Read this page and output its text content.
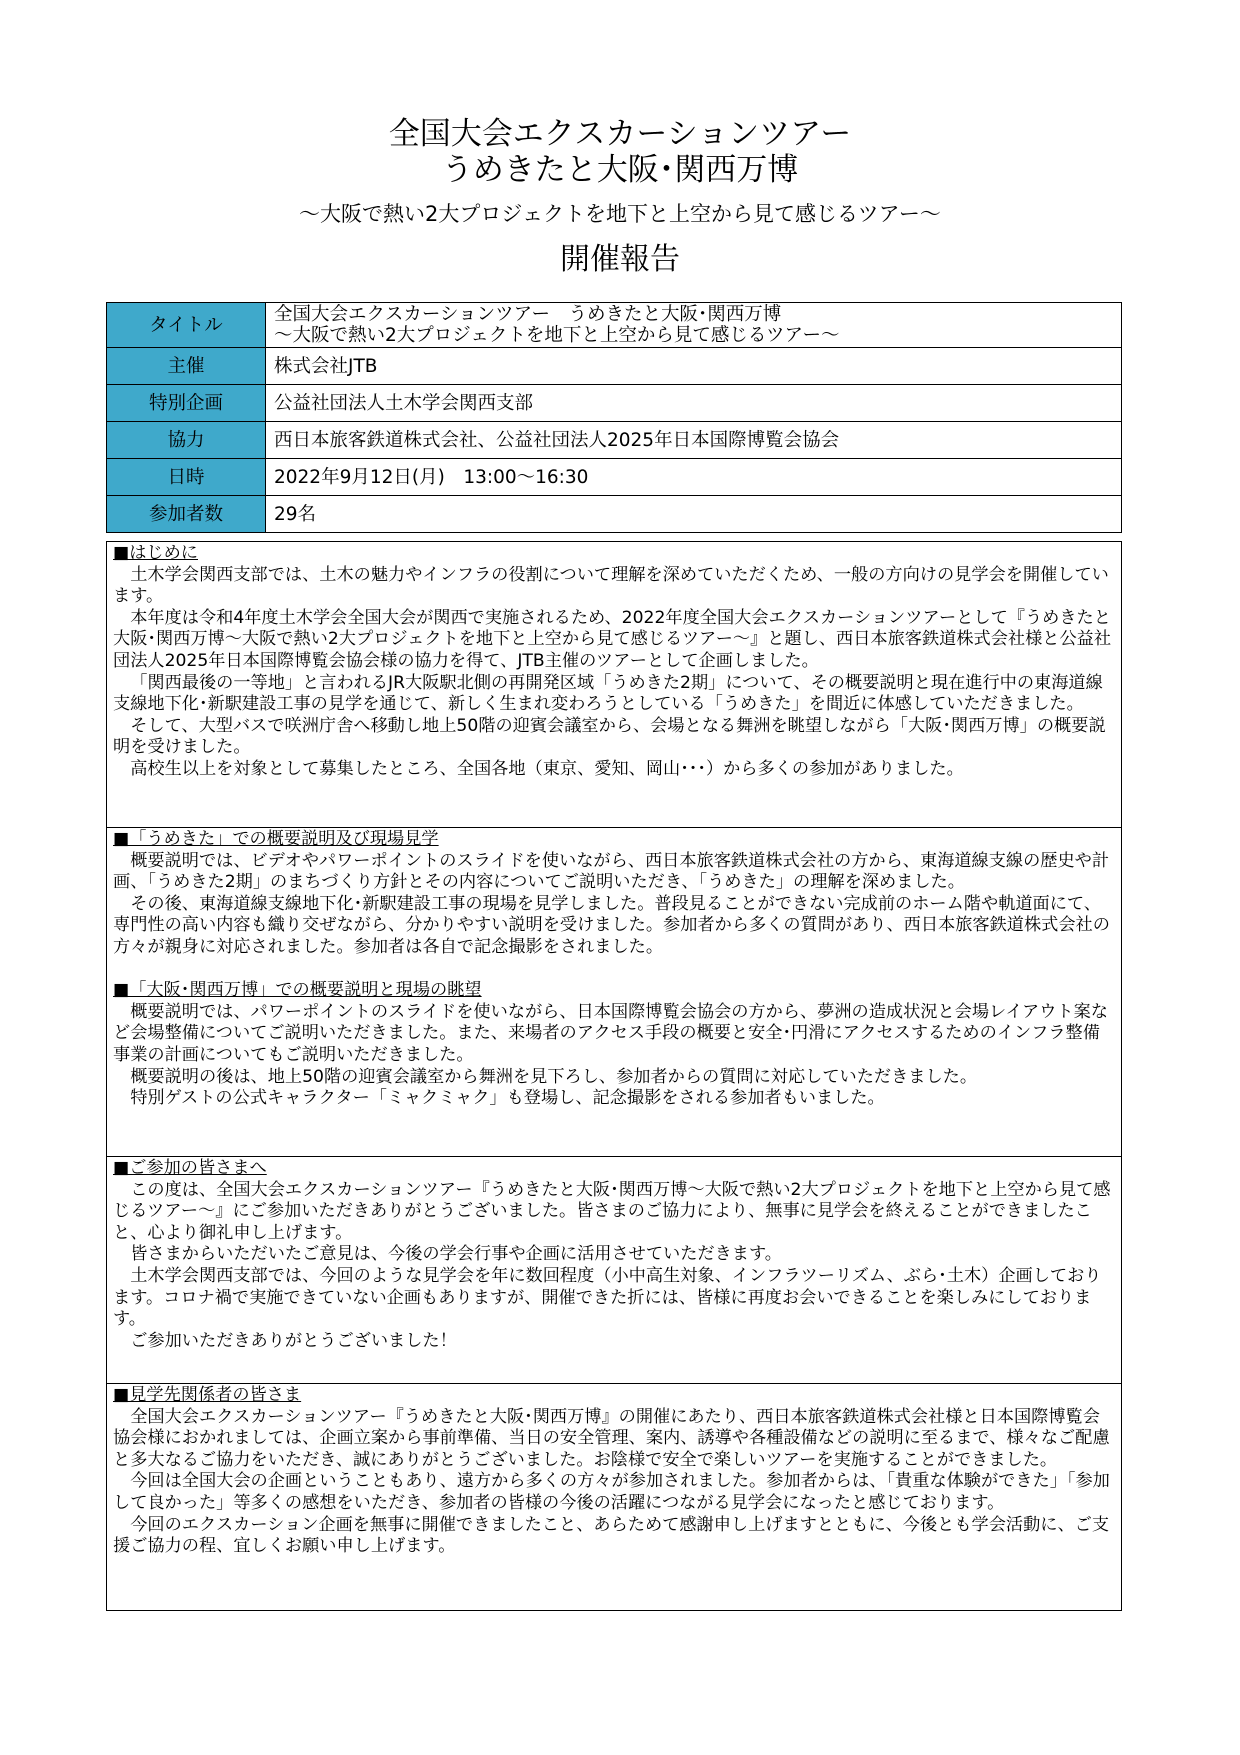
全国大会エクスカーションツアー
うめきたと大阪･関西万博
～大阪で熱い2大プロジェクトを地下と上空から見て感じるツアー～
開催報告
タイトル	全国大会エクスカーションツアー　うめきたと大阪･関西万博
～大阪で熱い2大プロジェクトを地下と上空から見て感じるツアー～

主催	株式会社JTB
特別企画	公益社団法人土木学会関西支部
協力	西日本旅客鉄道株式会社、公益社団法人2025年日本国際博覧会協会
日時	2022年9月12日(月)　13:00～16:30
参加者数	29名

■はじめに

土木学会関西支部では、土木の魅力やインフラの役割について理解を深めていただくため、一般の方向けの見学会を開催しています。

本年度は令和4年度土木学会全国大会が関西で実施されるため、2022年度全国大会エクスカーションツアーとして『うめきたと大阪･関西万博～大阪で熱い2大プロジェクトを地下と上空から見て感じるツアー～』と題し、西日本旅客鉄道株式会社様と公益社団法人2025年日本国際博覧会協会様の協力を得て、JTB主催のツアーとして企画しました。

「関西最後の一等地」と言われるJR大阪駅北側の再開発区域「うめきた2期」について、その概要説明と現在進行中の東海道線支線地下化･新駅建設工事の見学を通じて、新しく生まれ変わろうとしている「うめきた」を間近に体感していただきました。

そして、大型バスで咲洲庁舎へ移動し地上50階の迎賓会議室から、会場となる舞洲を眺望しながら「大阪･関西万博」の概要説明を受けました。

高校生以上を対象として募集したところ、全国各地（東京、愛知、岡山･･･）から多くの参加がありました。

■「うめきた」での概要説明及び現場見学

概要説明では、ビデオやパワーポイントのスライドを使いながら、西日本旅客鉄道株式会社の方から、東海道線支線の歴史や計画、「うめきた2期」のまちづくり方針とその内容についてご説明いただき、「うめきた」の理解を深めました。

その後、東海道線支線地下化･新駅建設工事の現場を見学しました。普段見ることができない完成前のホーム階や軌道面にて、専門性の高い内容も織り交ぜながら、分かりやすい説明を受けました。参加者から多くの質問があり、西日本旅客鉄道株式会社の方々が親身に対応されました。参加者は各自で記念撮影をされました。

■「大阪･関西万博」での概要説明と現場の眺望

概要説明では、パワーポイントのスライドを使いながら、日本国際博覧会協会の方から、夢洲の造成状況と会場レイアウト案など会場整備についてご説明いただきました。また、来場者のアクセス手段の概要と安全･円滑にアクセスするためのインフラ整備事業の計画についてもご説明いただきました。

概要説明の後は、地上50階の迎賓会議室から舞洲を見下ろし、参加者からの質問に対応していただきました。

特別ゲストの公式キャラクター「ミャクミャク」も登場し、記念撮影をされる参加者もいました。

■ご参加の皆さまへ

この度は、全国大会エクスカーションツアー『うめきたと大阪･関西万博～大阪で熱い2大プロジェクトを地下と上空から見て感じるツアー～』にご参加いただきありがとうございました。皆さまのご協力により、無事に見学会を終えることができましたこと、心より御礼申し上げます。

皆さまからいただいたご意見は、今後の学会行事や企画に活用させていただきます。

土木学会関西支部では、今回のような見学会を年に数回程度（小中高生対象、インフラツーリズム、ぶら･土木）企画しております。コロナ禍で実施できていない企画もありますが、開催できた折には、皆様に再度お会いできることを楽しみにしております。

ご参加いただきありがとうございました！

■見学先関係者の皆さま

全国大会エクスカーションツアー『うめきたと大阪･関西万博』の開催にあたり、西日本旅客鉄道株式会社様と日本国際博覧会協会様におかれましては、企画立案から事前準備、当日の安全管理、案内、誘導や各種設備などの説明に至るまで、様々なご配慮と多大なるご協力をいただき、誠にありがとうございました。お陰様で安全で楽しいツアーを実施することができました。

今回は全国大会の企画ということもあり、遠方から多くの方々が参加されました。参加者からは、「貴重な体験ができた」「参加して良かった」等多くの感想をいただき、参加者の皆様の今後の活躍につながる見学会になったと感じております。

今回のエクスカーション企画を無事に開催できましたこと、あらためて感謝申し上げますとともに、今後とも学会活動に、ご支援ご協力の程、宜しくお願い申し上げます。
